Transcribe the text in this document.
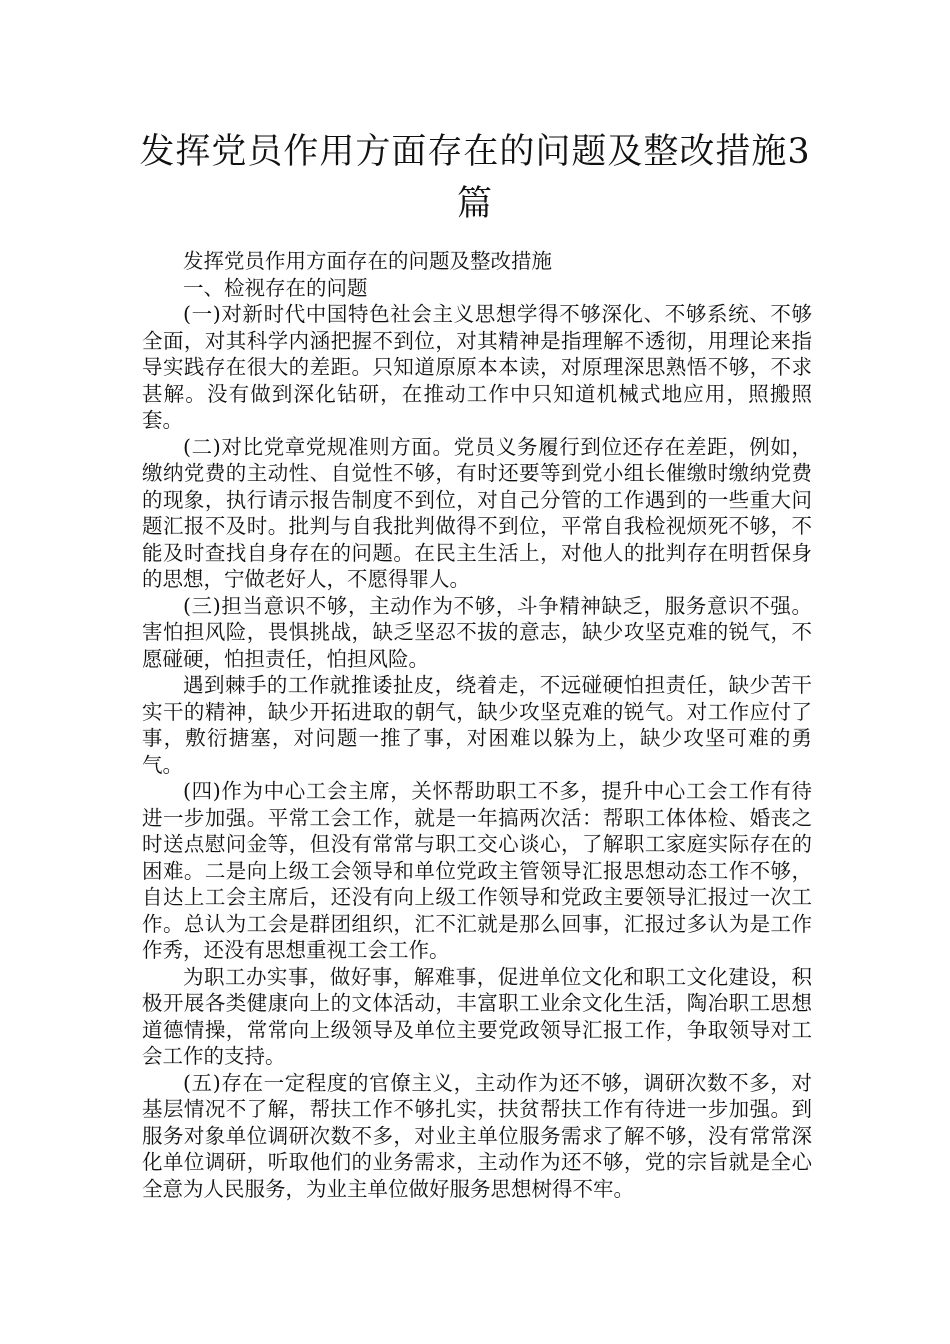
发挥党员作用方面存在的问题及整改措施3篇

发挥党员作用方面存在的问题及整改措施

一、检视存在的问题

(一)对新时代中国特色社会主义思想学得不够深化、不够系统、不够全面，对其科学内涵把握不到位，对其精神是指理解不透彻，用理论来指导实践存在很大的差距。只知道原原本本读，对原理深思熟悟不够，不求甚解。没有做到深化钻研，在推动工作中只知道机械式地应用，照搬照套。

(二)对比党章党规准则方面。党员义务履行到位还存在差距，例如，缴纳党费的主动性、自觉性不够，有时还要等到党小组长催缴时缴纳党费的现象，执行请示报告制度不到位，对自己分管的工作遇到的一些重大问题汇报不及时。批判与自我批判做得不到位，平常自我检视烦死不够，不能及时查找自身存在的问题。在民主生活上，对他人的批判存在明哲保身的思想，宁做老好人，不愿得罪人。

(三)担当意识不够，主动作为不够，斗争精神缺乏，服务意识不强。害怕担风险，畏惧挑战，缺乏坚忍不拔的意志，缺少攻坚克难的锐气，不愿碰硬，怕担责任，怕担风险。

遇到棘手的工作就推诿扯皮，绕着走，不远碰硬怕担责任，缺少苦干实干的精神，缺少开拓进取的朝气，缺少攻坚克难的锐气。对工作应付了事，敷衍搪塞，对问题一推了事，对困难以躲为上，缺少攻坚可难的勇气。

(四)作为中心工会主席，关怀帮助职工不多，提升中心工会工作有待进一步加强。平常工会工作，就是一年搞两次活：帮职工体体检、婚丧之时送点慰问金等，但没有常常与职工交心谈心，了解职工家庭实际存在的困难。二是向上级工会领导和单位党政主管领导汇报思想动态工作不够，自达上工会主席后，还没有向上级工作领导和党政主要领导汇报过一次工作。总认为工会是群团组织，汇不汇就是那么回事，汇报过多认为是工作作秀，还没有思想重视工会工作。

为职工办实事，做好事，解难事，促进单位文化和职工文化建设，积极开展各类健康向上的文体活动，丰富职工业余文化生活，陶冶职工思想道德情操，常常向上级领导及单位主要党政领导汇报工作，争取领导对工会工作的支持。

(五)存在一定程度的官僚主义，主动作为还不够，调研次数不多，对基层情况不了解，帮扶工作不够扎实，扶贫帮扶工作有待进一步加强。到服务对象单位调研次数不多，对业主单位服务需求了解不够，没有常常深化单位调研，听取他们的业务需求，主动作为还不够，党的宗旨就是全心全意为人民服务，为业主单位做好服务思想树得不牢。
